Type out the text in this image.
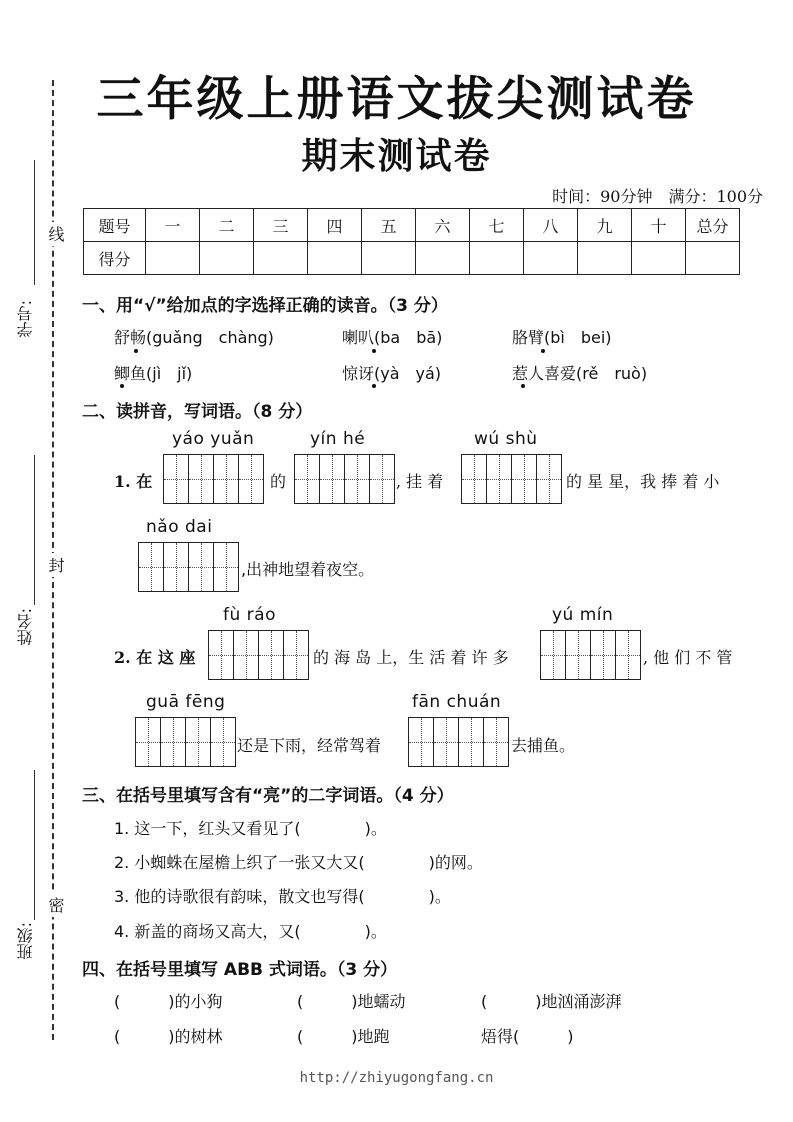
线
封
密
学号:
姓名:
班级:
三年级上册语文拔尖测试卷
期末测试卷
时间：90分钟　满分：100分
题号	一	二	三	四	五	六	七	八	九	十	总分
得分											
一、用“√”给加点的字选择正确的读音。（3 分）
舒畅(guǎng　chàng)	喇叭(ba　bā)	胳臂(bì　bei)
鲫鱼(jì　jǐ)	惊讶(yà　yá)	惹人喜爱(rě　ruò)
二、读拼音，写词语。（8 分）
yáo yuǎn	yín hé	wú shù
1. 在	的	, 挂 着	的 星 星，我 捧 着 小
nǎo dai
,出神地望着夜空。
fù ráo	yú mín
2. 在 这 座	的 海 岛 上，生 活 着 许 多	, 他 们 不 管
guā fēng	fān chuán
还是下雨，经常驾着	去捕鱼。
三、在括号里填写含有“亮”的二字词语。（4 分）
1. 这一下，红头又看见了(　　　　)。
2. 小蜘蛛在屋檐上织了一张又大又(　　　　)的网。
3. 他的诗歌很有韵味，散文也写得(　　　　)。
4. 新盖的商场又高大，又(　　　　)。
四、在括号里填写 ABB 式词语。（3 分）
(　　　)的小狗	(　　　)地蠕动	(　　　)地汹涌澎湃
(　　　)的树林	(　　　)地跑	焐得(　　　)
http://zhiyugongfang.cn
